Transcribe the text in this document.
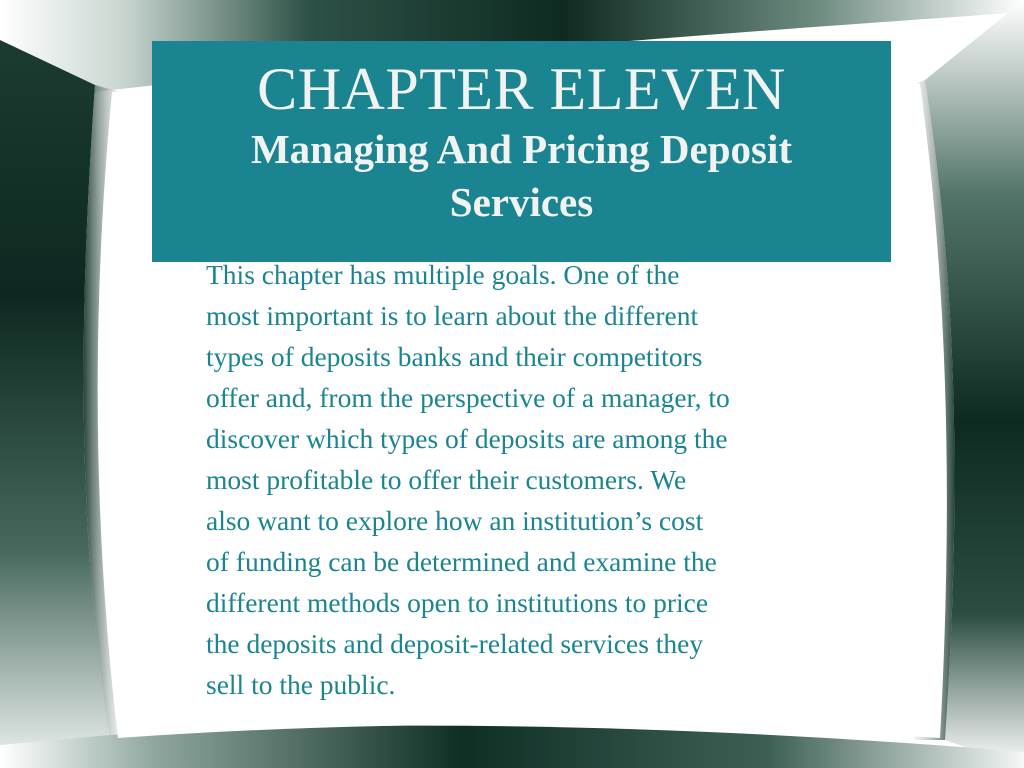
CHAPTER ELEVEN
Managing And Pricing Deposit Services
This chapter has multiple goals. One of the
most important is to learn about the different
types of deposits banks and their competitors
offer and, from the perspective of a manager, to
discover which types of deposits are among the
most profitable to offer their customers. We
also want to explore how an institution’s cost
of funding can be determined and examine the
different methods open to institutions to price
the deposits and deposit-related services they
sell to the public.
